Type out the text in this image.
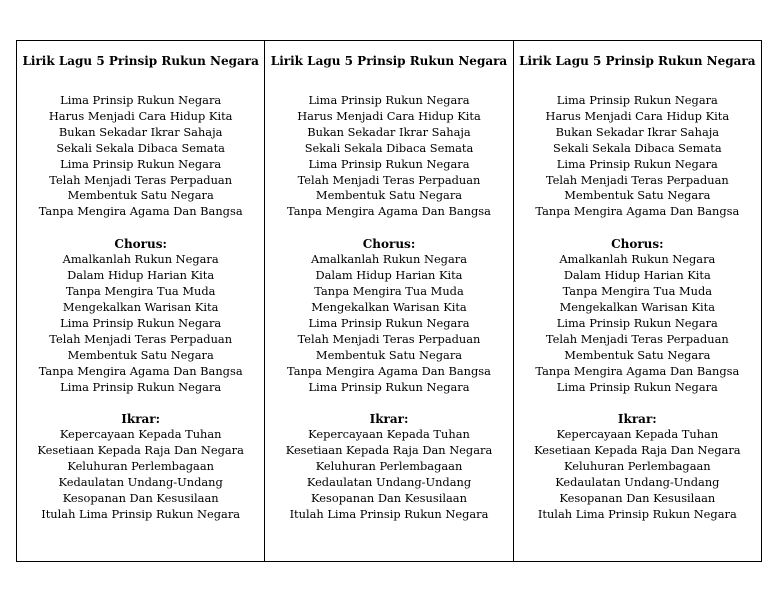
Lirik Lagu 5 Prinsip Rukun Negara
Lima Prinsip Rukun Negara
Harus Menjadi Cara Hidup Kita
Bukan Sekadar Ikrar Sahaja
Sekali Sekala Dibaca Semata
Lima Prinsip Rukun Negara
Telah Menjadi Teras Perpaduan
Membentuk Satu Negara
Tanpa Mengira Agama Dan Bangsa
Chorus:
Amalkanlah Rukun Negara
Dalam Hidup Harian Kita
Tanpa Mengira Tua Muda
Mengekalkan Warisan Kita
Lima Prinsip Rukun Negara
Telah Menjadi Teras Perpaduan
Membentuk Satu Negara
Tanpa Mengira Agama Dan Bangsa
Lima Prinsip Rukun Negara
Ikrar:
Kepercayaan Kepada Tuhan
Kesetiaan Kepada Raja Dan Negara
Keluhuran Perlembagaan
Kedaulatan Undang-Undang
Kesopanan Dan Kesusilaan
Itulah Lima Prinsip Rukun Negara
Lirik Lagu 5 Prinsip Rukun Negara
Lima Prinsip Rukun Negara
Harus Menjadi Cara Hidup Kita
Bukan Sekadar Ikrar Sahaja
Sekali Sekala Dibaca Semata
Lima Prinsip Rukun Negara
Telah Menjadi Teras Perpaduan
Membentuk Satu Negara
Tanpa Mengira Agama Dan Bangsa
Chorus:
Amalkanlah Rukun Negara
Dalam Hidup Harian Kita
Tanpa Mengira Tua Muda
Mengekalkan Warisan Kita
Lima Prinsip Rukun Negara
Telah Menjadi Teras Perpaduan
Membentuk Satu Negara
Tanpa Mengira Agama Dan Bangsa
Lima Prinsip Rukun Negara
Ikrar:
Kepercayaan Kepada Tuhan
Kesetiaan Kepada Raja Dan Negara
Keluhuran Perlembagaan
Kedaulatan Undang-Undang
Kesopanan Dan Kesusilaan
Itulah Lima Prinsip Rukun Negara
Lirik Lagu 5 Prinsip Rukun Negara
Lima Prinsip Rukun Negara
Harus Menjadi Cara Hidup Kita
Bukan Sekadar Ikrar Sahaja
Sekali Sekala Dibaca Semata
Lima Prinsip Rukun Negara
Telah Menjadi Teras Perpaduan
Membentuk Satu Negara
Tanpa Mengira Agama Dan Bangsa
Chorus:
Amalkanlah Rukun Negara
Dalam Hidup Harian Kita
Tanpa Mengira Tua Muda
Mengekalkan Warisan Kita
Lima Prinsip Rukun Negara
Telah Menjadi Teras Perpaduan
Membentuk Satu Negara
Tanpa Mengira Agama Dan Bangsa
Lima Prinsip Rukun Negara
Ikrar:
Kepercayaan Kepada Tuhan
Kesetiaan Kepada Raja Dan Negara
Keluhuran Perlembagaan
Kedaulatan Undang-Undang
Kesopanan Dan Kesusilaan
Itulah Lima Prinsip Rukun Negara
